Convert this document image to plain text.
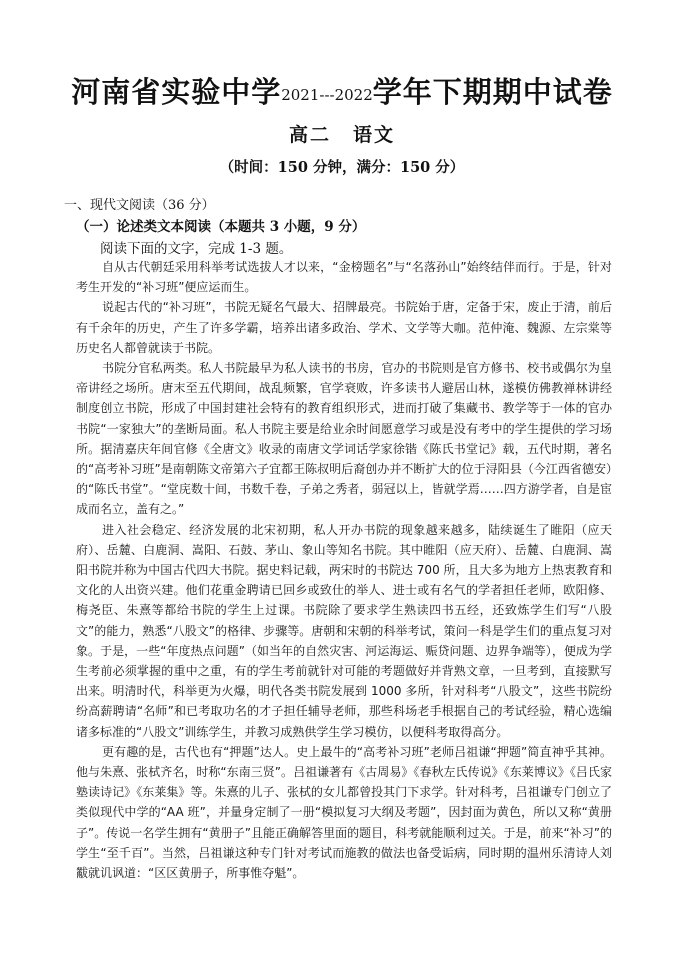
河南省实验中学2021---2022学年下期期中试卷
高二 语文
（时间：150 分钟，满分：150 分）
一、现代文阅读（36 分）
（一）论述类文本阅读（本题共 3 小题，9 分）
阅读下面的文字，完成 1-3 题。

自从古代朝廷采用科举考试选拔人才以来，“金榜题名”与“名落孙山”始终结伴而行。于是，针对考生开发的“补习班”便应运而生。

说起古代的“补习班”，书院无疑名气最大、招牌最亮。书院始于唐，定备于宋，废止于清，前后有千余年的历史，产生了许多学霸，培养出诸多政治、学术、文学等大咖。范仲淹、魏源、左宗棠等历史名人都曾就读于书院。

书院分官私两类。私人书院最早为私人读书的书房，官办的书院则是官方修书、校书或偶尔为皇帝讲经之场所。唐末至五代期间，战乱频繁，官学衰败，许多读书人避居山林，遂模仿佛教禅林讲经制度创立书院，形成了中国封建社会特有的教育组织形式，进而打破了集藏书、教学等于一体的官办书院“一家独大”的垄断局面。私人书院主要是给业余时间愿意学习或是没有考中的学生提供的学习场所。据清嘉庆年间官修《全唐文》收录的南唐文学词话学家徐锴《陈氏书堂记》载，五代时期，著名的“高考补习班”是南朝陈文帝第六子宜都王陈叔明后裔创办并不断扩大的位于浔阳县（今江西省德安）的“陈氏书堂”。“堂庑数十间，书数千卷，子弟之秀者，弱冠以上，皆就学焉……四方游学者，自是宦成而名立，盖有之。”

进入社会稳定、经济发展的北宋初期，私人开办书院的现象越来越多，陆续诞生了睢阳（应天府）、岳麓、白鹿洞、嵩阳、石鼓、茅山、象山等知名书院。其中睢阳（应天府）、岳麓、白鹿洞、嵩阳书院并称为中国古代四大书院。据史料记载，两宋时的书院达 700 所，且大多为地方上热衷教育和文化的人出资兴建。他们花重金聘请已回乡或致仕的举人、进士或有名气的学者担任老师，欧阳修、梅尧臣、朱熹等都给书院的学生上过课。书院除了要求学生熟读四书五经，还致炼学生们写“八股文”的能力，熟悉“八股文”的格律、步骤等。唐朝和宋朝的科举考试，策问一科是学生们的重点复习对象。于是，一些“年度热点问题”（如当年的自然灾害、河运海运、赈贷问题、边界争端等），便成为学生考前必须掌握的重中之重，有的学生考前就针对可能的考题做好并背熟文章，一旦考到，直接默写出来。明清时代，科举更为火爆，明代各类书院发展到 1000 多所，针对科考“八股文”，这些书院纷纷高薪聘请“名师”和已考取功名的才子担任辅导老师，那些科场老手根据自己的考试经验，精心选编诸多标准的“八股文”训练学生，并教习成熟供学生学习模仿，以便科考取得高分。

更有趣的是，古代也有“押题”达人。史上最牛的“高考补习班”老师吕祖谦“押题”简直神乎其神。他与朱熹、张栻齐名，时称“东南三贤”。吕祖谦著有《古周易》《春秋左氏传说》《东莱博议》《吕氏家塾读诗记》《东莱集》等。朱熹的儿子、张栻的女儿都曾投其门下求学。针对科考，吕祖谦专门创立了类似现代中学的“AA 班”，并量身定制了一册“模拟复习大纲及考题”，因封面为黄色，所以又称“黄册子”。传说一名学生拥有“黄册子”且能正确解答里面的题目，科考就能顺利过关。于是，前来“补习”的学生“至千百”。当然，吕祖谦这种专门针对考试而施教的做法也备受诟病，同时期的温州乐清诗人刘黻就讥讽道：“区区黄册子，所事惟夺魁”。
